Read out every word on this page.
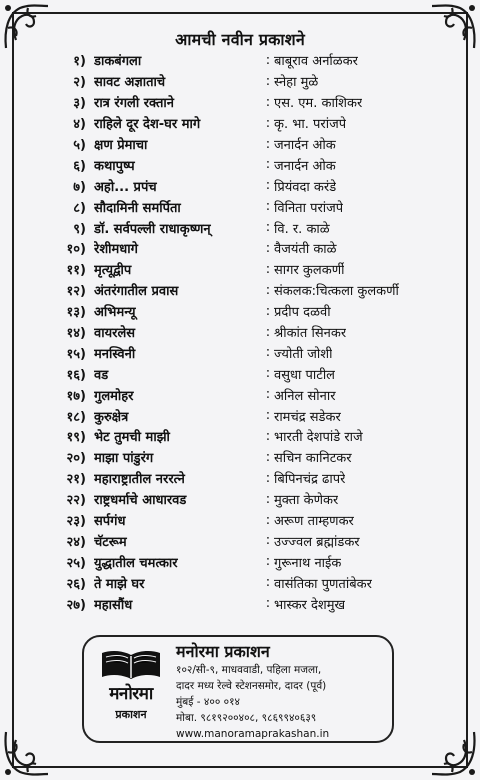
आमची नवीन प्रकाशने
१) डाकबंगला	: बाबूराव अर्नाळकर
२) सावट अज्ञाताचे	: स्नेहा मुळे
३) रात्र रंगली रक्ताने	: एस. एम. काशिकर
४) राहिले दूर देश-घर मागे	: कृ. भा. परांजपे
५) क्षण प्रेमाचा	: जनार्दन ओक
६) कथापुष्प	: जनार्दन ओक
७) अहो... प्रपंच	: प्रियंवदा करंडे
८) सौदामिनी समर्पिता	: विनिता परांजपे
९) डॉ. सर्वपल्ली राधाकृष्णन्	: वि. र. काळे
१०) रेशीमधागे	: वैजयंती काळे
११) मृत्यूद्वीप	: सागर कुलकर्णी
१२) अंतरंगातील प्रवास	: संकलक:चित्कला कुलकर्णी
१३) अभिमन्यू	: प्रदीप दळवी
१४) वायरलेस	: श्रीकांत सिनकर
१५) मनस्विनी	: ज्योती जोशी
१६) वड	: वसुधा पाटील
१७) गुलमोहर	: अनिल सोनार
१८) कुरुक्षेत्र	: रामचंद्र सडेकर
१९) भेट तुमची माझी	: भारती देशपांडे राजे
२०) माझा पांडुरंग	: सचिन कानिटकर
२१) महाराष्ट्रातील नररत्ने	: बिपिनचंद्र ढापरे
२२) राष्ट्रधर्माचे आधारवड	: मुक्ता केणेकर
२३) सर्पगंध	: अरूण ताम्हणकर
२४) चॅटरूम	: उज्ज्वल ब्रह्मांडकर
२५) युद्धातील चमत्कार	: गुरूनाथ नाईक
२६) ते माझे घर	: वासंतिका पुणतांबेकर
२७) महासौंध	: भास्कर देशमुख
मनोरमा
प्रकाशन
मनोरमा प्रकाशन
१०२/सी-९, माधववाडी, पहिला मजला,
दादर मध्य रेल्वे स्टेशनसमोर, दादर (पूर्व)
मुंबई - ४०० ०१४
मोबा. ९८१९२००४०८, ९८६९९४०६३९
www.manoramaprakashan.in
